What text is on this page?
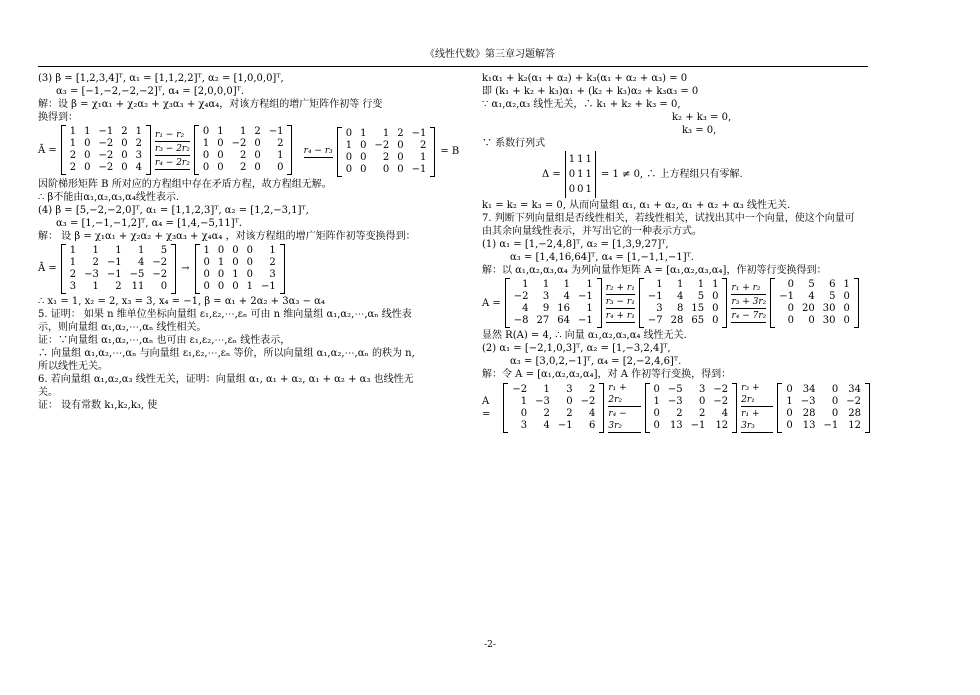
《线性代数》第三章习题解答
(3) β = [1,2,3,4]ᵀ, α₁ = [1,1,2,2]ᵀ, α₂ = [1,0,0,0]ᵀ,
α₃ = [−1,−2,−2,−2]ᵀ, α₄ = [2,0,0,0]ᵀ.
解：设 β = χ₁α₁ + χ₂α₂ + χ₃α₃ + χ₄α₄，对该方程组的增广矩阵作初等 行变
换得到：
Ā =
1	1	−1	2	1
1	0	−2	0	2
2	0	−2	0	3
2	0	−2	0	4
r₁ − r₂
r₃ − 2r₂
r₄ − 2r₂
0	1	1	2	−1
1	0	−2	0	2
0	0	2	0	1
0	0	2	0	0

r₄ − r₃
0	1	1	2	−1
1	0	−2	0	2
0	0	2	0	1
0	0	0	0	−1
= B
因阶梯形矩阵 B 所对应的方程组中存在矛盾方程，故方程组无解。
∴ β不能由α₁,α₂,α₃,α₄线性表示.
(4) β = [5,−2,−2,0]ᵀ, α₁ = [1,1,2,3]ᵀ, α₂ = [1,2,−3,1]ᵀ,
α₃ = [1,−1,−1,2]ᵀ, α₄ = [1,4,−5,11]ᵀ.
解： 设 β = χ₁α₁ + χ₂α₂ + χ₃α₃ + χ₄α₄ ，对该方程组的增广矩阵作初等变换得到：
Ā =
1	1	1	1	5
1	2	−1	4	−2
2	−3	−1	−5	−2
3	1	2	11	0
→
1	0	0	0	1
0	1	0	0	2
0	0	1	0	3
0	0	0	1	−1
∴ x₁ = 1, x₂ = 2, x₃ = 3, x₄ = −1, β = α₁ + 2α₂ + 3α₃ − α₄
5. 证明： 如果 n 维单位坐标向量组 ε₁,ε₂,⋯,εₙ 可由 n 维向量组 α₁,α₂,⋯,αₙ 线性表
示，则向量组 α₁,α₂,⋯,αₙ 线性相关。
证：∵向量组 α₁,α₂,⋯,αₙ 也可由 ε₁,ε₂,⋯,εₙ 线性表示，
∴ 向量组 α₁,α₂,⋯,αₙ 与向量组 ε₁,ε₂,⋯,εₙ 等价，所以向量组 α₁,α₂,⋯,αₙ 的秩为 n,
所以线性无关。
6. 若向量组 α₁,α₂,α₃ 线性无关，证明：向量组 α₁, α₁ + α₂, α₁ + α₂ + α₃ 也线性无
关。
证： 设有常数 k₁,k₂,k₃, 使
k₁α₁ + k₂(α₁ + α₂) + k₃(α₁ + α₂ + α₃) = 0
即 (k₁ + k₂ + k₃)α₁ + (k₂ + k₃)α₂ + k₃α₃ = 0
∵ α₁,α₂,α₃ 线性无关，∴ k₁ + k₂ + k₃ = 0,
k₂ + k₃ = 0,
k₃ = 0,
∵ 系数行列式
Δ =
1	1	1
0	1	1
0	0	1
= 1 ≠ 0, ∴ 上方程组只有零解.
k₁ = k₂ = k₃ = 0, 从而向量组 α₁, α₁ + α₂, α₁ + α₂ + α₃ 线性无关.
7. 判断下列向量组是否线性相关，若线性相关，试找出其中一个向量，使这个向量可
由其余向量线性表示，并写出它的一种表示方式。
(1) α₁ = [1,−2,4,8]ᵀ, α₂ = [1,3,9,27]ᵀ,
α₃ = [1,4,16,64]ᵀ, α₄ = [1,−1,1,−1]ᵀ.
解：以 α₁,α₂,α₃,α₄ 为列向量作矩阵 A = [α₁,α₂,α₃,α₄]，作初等行变换得到：
A =
1	1	1	1
−2	3	4	−1
4	9	16	1
−8	27	64	−1
r₂ + r₁
r₃ − r₁
r₄ + r₁
1	1	1	1
−1	4	5	0
3	8	15	0
−7	28	65	0
r₁ + r₂
r₃ + 3r₂
r₄ − 7r₂
0	5	6	1
−1	4	5	0
0	20	30	0
0	0	30	0
显然 R(A) = 4, ∴ 向量 α₁,α₂,α₃,α₄ 线性无关.
(2) α₁ = [−2,1,0,3]ᵀ, α₂ = [1,−3,2,4]ᵀ,
α₃ = [3,0,2,−1]ᵀ, α₄ = [2,−2,4,6]ᵀ.
解：令 A = [α₁,α₂,α₃,α₄]，对 A 作初等行变换，得到：
A =
−2	1	3	2
1	−3	0	−2
0	2	2	4
3	4	−1	6
r₁ + 2r₂
r₄ − 3r₂
0	−5	3	−2
1	−3	0	−2
0	2	2	4
0	13	−1	12
r₃ + 2r₁
r₁ + 3r₃
0	34	0	34
1	−3	0	−2
0	28	0	28
0	13	−1	12
-2-
